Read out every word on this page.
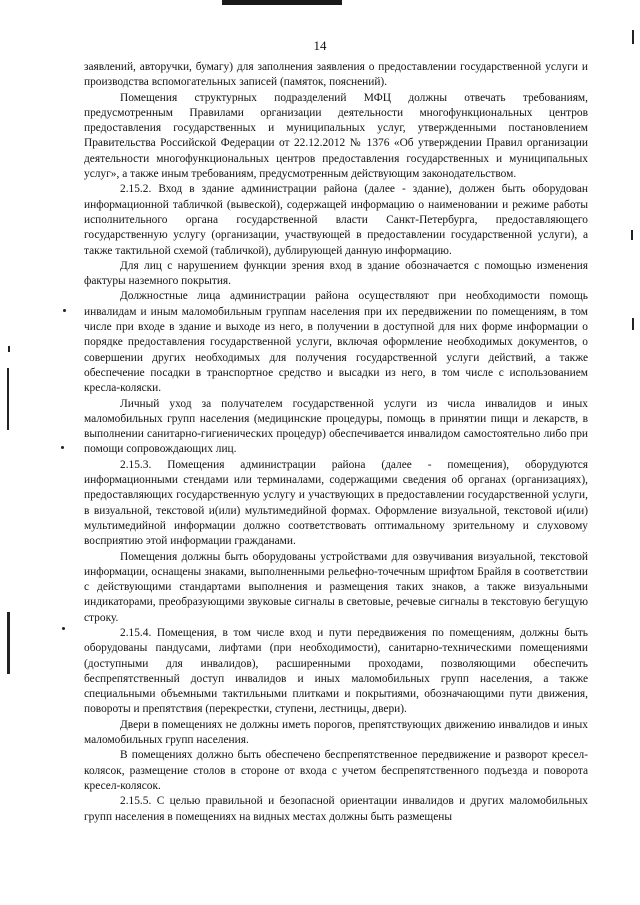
14

заявлений, авторучки, бумагу) для заполнения заявления о предоставлении государственной услуги и производства вспомогательных записей (памяток, пояснений).

Помещения структурных подразделений МФЦ должны отвечать требованиям, предусмотренным Правилами организации деятельности многофункциональных центров предоставления государственных и муниципальных услуг, утвержденными постановлением Правительства Российской Федерации от 22.12.2012 № 1376 «Об утверждении Правил организации деятельности многофункциональных центров предоставления государственных и муниципальных услуг», а также иным требованиям, предусмотренным действующим законодательством.

2.15.2. Вход в здание администрации района (далее - здание), должен быть оборудован информационной табличкой (вывеской), содержащей информацию о наименовании и режиме работы исполнительного органа государственной власти Санкт-Петербурга, предоставляющего государственную услугу (организации, участвующей в предоставлении государственной услуги), а также тактильной схемой (табличкой), дублирующей данную информацию.

Для лиц с нарушением функции зрения вход в здание обозначается с помощью изменения фактуры наземного покрытия.

Должностные лица администрации района осуществляют при необходимости помощь инвалидам и иным маломобильным группам населения при их передвижении по помещениям, в том числе при входе в здание и выходе из него, в получении в доступной для них форме информации о порядке предоставления государственной услуги, включая оформление необходимых документов, о совершении других необходимых для получения государственной услуги действий, а также обеспечение посадки в транспортное средство и высадки из него, в том числе с использованием кресла-коляски.

Личный уход за получателем государственной услуги из числа инвалидов и иных маломобильных групп населения (медицинские процедуры, помощь в принятии пищи и лекарств, в выполнении санитарно-гигиенических процедур) обеспечивается инвалидом самостоятельно либо при помощи сопровождающих лиц.

2.15.3. Помещения администрации района (далее - помещения), оборудуются информационными стендами или терминалами, содержащими сведения об органах (организациях), предоставляющих государственную услугу и участвующих в предоставлении государственной услуги, в визуальной, текстовой и(или) мультимедийной формах. Оформление визуальной, текстовой и(или) мультимедийной информации должно соответствовать оптимальному зрительному и слуховому восприятию этой информации гражданами.

Помещения должны быть оборудованы устройствами для озвучивания визуальной, текстовой информации, оснащены знаками, выполненными рельефно-точечным шрифтом Брайля в соответствии с действующими стандартами выполнения и размещения таких знаков, а также визуальными индикаторами, преобразующими звуковые сигналы в световые, речевые сигналы в текстовую бегущую строку.

2.15.4. Помещения, в том числе вход и пути передвижения по помещениям, должны быть оборудованы пандусами, лифтами (при необходимости), санитарно-техническими помещениями (доступными для инвалидов), расширенными проходами, позволяющими обеспечить беспрепятственный доступ инвалидов и иных маломобильных групп населения, а также специальными объемными тактильными плитками и покрытиями, обозначающими пути движения, повороты и препятствия (перекрестки, ступени, лестницы, двери).

Двери в помещениях не должны иметь порогов, препятствующих движению инвалидов и иных маломобильных групп населения.

В помещениях должно быть обеспечено беспрепятственное передвижение и разворот кресел-колясок, размещение столов в стороне от входа с учетом беспрепятственного подъезда и поворота кресел-колясок.

2.15.5. С целью правильной и безопасной ориентации инвалидов и других маломобильных групп населения в помещениях на видных местах должны быть размещены
